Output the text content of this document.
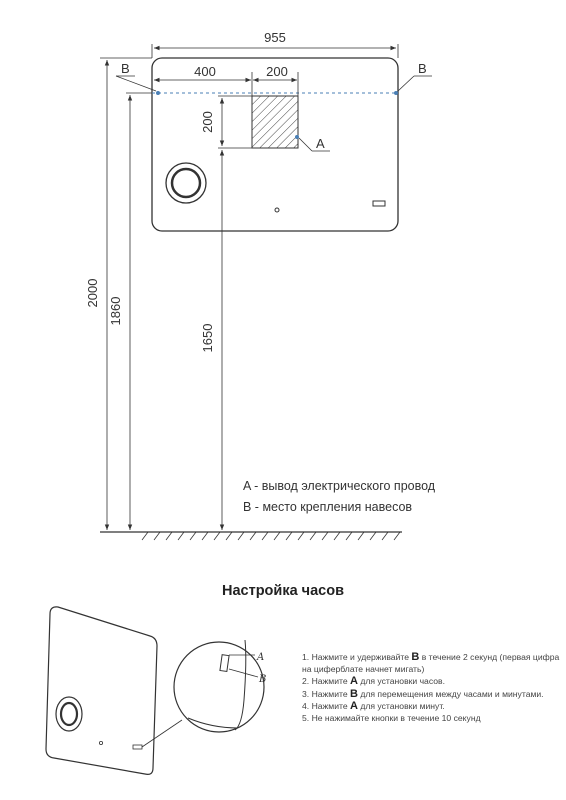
955
400	200
200
1650
1860
2000
B	B
A
A
B
A - вывод электрического провод
B - место крепления навесов
Настройка часов
1. Нажмите и удерживайте B в течение 2 секунд (первая цифра на циферблате начнет мигать)
2. Нажмите A для установки часов.
3. Нажмите B для перемещения между часами и минутами.
4. Нажмите A для установки минут.
5. Не нажимайте кнопки в течение 10 секунд
